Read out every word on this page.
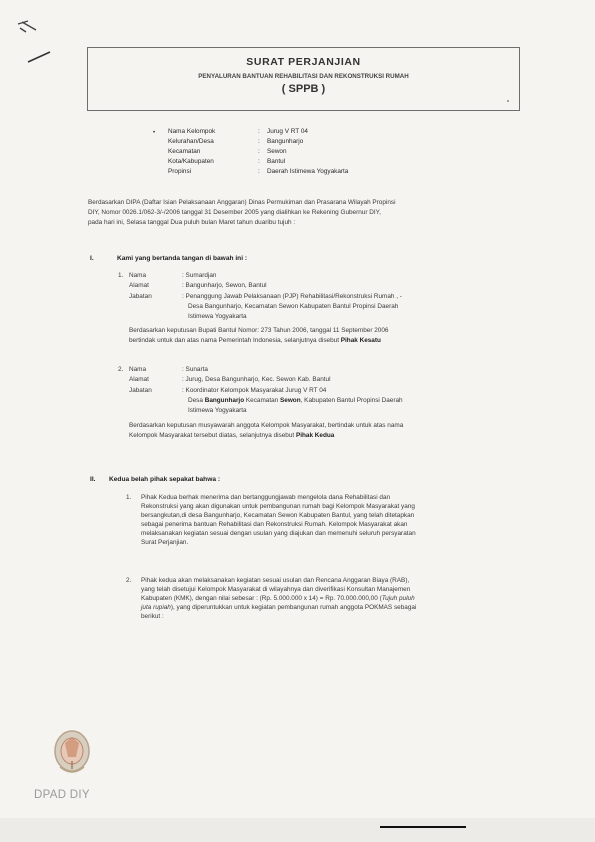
SURAT PERJANJIAN
PENYALURAN BANTUAN REHABILITASI DAN REKONSTRUKSI RUMAH
( SPPB )
• Nama Kelompok	: Jurug V RT 04
Kelurahan/Desa	: Bangunharjo
Kecamatan	: Sewon
Kota/Kabupaten	: Bantul
Propinsi	: Daerah Istimewa Yogyakarta
Berdasarkan DIPA (Daftar Isian Pelaksanaan Anggaran) Dinas Permukiman dan Prasarana Wilayah Propinsi
DIY, Nomor 0026.1/062-3/-/2006 tanggal 31 Desember 2005 yang dialihkan ke Rekening Gubernur DIY,
pada hari ini, Selasa tanggal Dua puluh bulan Maret tahun duaribu tujuh :
I.	Kami yang bertanda tangan di bawah ini :
1. Nama	: Sumardjan
Alamat	: Bangunharjo, Sewon, Bantul
Jabatan	: Penanggung Jawab Pelaksanaan (PJP) Rehabilitasi/Rekonstruksi Rumah , -
Desa Bangunharjo, Kecamatan Sewon Kabupaten Bantul Propinsi Daerah
Istimewa Yogyakarta
Berdasarkan keputusan Bupati Bantul Nomor: 273 Tahun 2006, tanggal 11 September 2006
bertindak untuk dan atas nama Pemerintah Indonesia, selanjutnya disebut Pihak Kesatu
2. Nama	: Sunarta
Alamat	: Jurug, Desa Bangunharjo, Kec. Sewon Kab. Bantul
Jabatan	: Koordinator Kelompok Masyarakat Jurug V RT 04
Desa Bangunharjo Kecamatan Sewon, Kabupaten Bantul Propinsi Daerah
Istimewa Yogyakarta
Berdasarkan keputusan musyawarah anggota Kelompok Masyarakat, bertindak untuk atas nama
Kelompok Masyarakat tersebut diatas, selanjutnya disebut Pihak Kedua
II. Kedua belah pihak sepakat bahwa :
1. Pihak Kedua berhak menerima dan bertanggungjawab mengelola dana Rehabilitasi dan
Rekonstruksi yang akan digunakan untuk pembangunan rumah bagi Kelompok Masyarakat yang
bersangkutan,di desa Bangunharjo, Kecamatan Sewon Kabupaten Bantul, yang telah ditetapkan
sebagai penerima bantuan Rehabilitasi dan Rekonstruksi Rumah. Kelompok Masyarakat akan
melaksanakan kegiatan sesuai dengan usulan yang diajukan dan memenuhi seluruh persyaratan
Surat Perjanjian.
2. Pihak kedua akan melaksanakan kegiatan sesuai usulan dan Rencana Anggaran Biaya (RAB),
yang telah disetujui Kelompok Masyarakat di wilayahnya dan diverifikasi Konsultan Manajemen
Kabupaten (KMK), dengan nilai sebesar : (Rp. 5.000.000 x 14) = Rp. 70.000.000,00 (Tujuh puluh
juta rupiah), yang diperuntukkan untuk kegiatan pembangunan rumah anggota POKMAS sebagai
berikut :
DPAD DIY
